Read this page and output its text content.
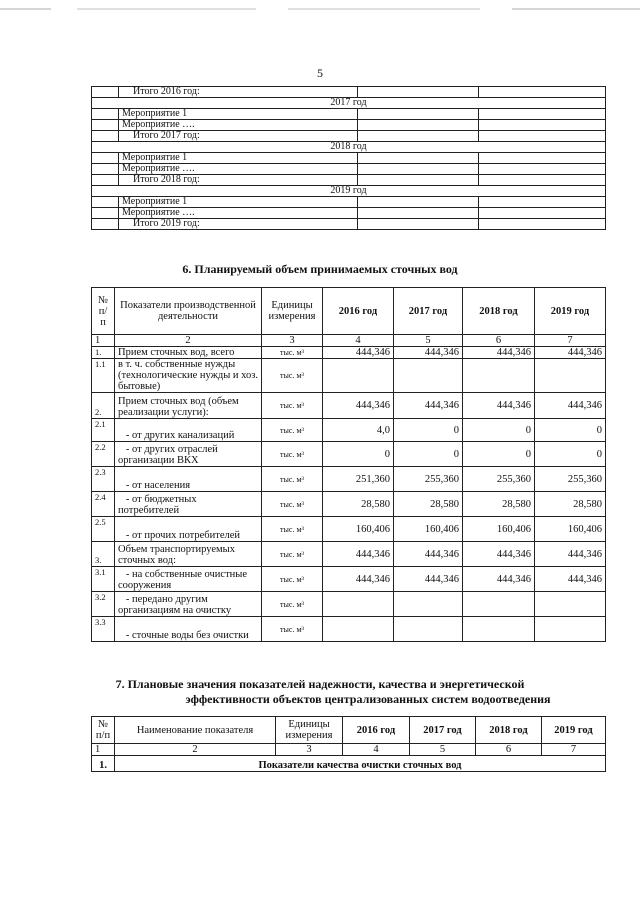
5
	Итого 2016 год:		
2017 год			
	Мероприятие 1		
	Мероприятие ….		
	Итого 2017 год:		
2018 год			
	Мероприятие 1		
	Мероприятие ….		
	Итого 2018 год:		
2019 год			
	Мероприятие 1		
	Мероприятие ….		
	Итого 2019 год:		
6. Планируемый объем принимаемых сточных вод
№ п/ п	Показатели производственной деятельности	Единицы измерения	2016 год	2017 год	2018 год	2019 год
1	2	3	4	5	6	7
1.	Прием сточных вод, всего	тыс. м³	444,346	444,346	444,346	444,346
1.1	в т. ч. собственные нужды (технологические нужды и хоз. бытовые)	тыс. м³				
2.	Прием сточных вод (объем реализации услуги):	тыс. м³	444,346	444,346	444,346	444,346
2.1	- от других канализаций	тыс. м³	4,0	0	0	0
2.2	- от других отраслей организации ВКХ	тыс. м³	0	0	0	0
2.3	- от населения	тыс. м³	251,360	255,360	255,360	255,360
2.4	- от бюджетных потребителей	тыс. м³	28,580	28,580	28,580	28,580
2.5	- от прочих потребителей	тыс. м³	160,406	160,406	160,406	160,406
3.	Объем транспортируемых сточных вод:	тыс. м³	444,346	444,346	444,346	444,346
3.1	- на собственные очистные сооружения	тыс. м³	444,346	444,346	444,346	444,346
3.2	- передано другим организациям на очистку	тыс. м³				
3.3	- сточные воды без очистки	тыс. м³				
7. Плановые значения показателей надежности, качества и энергетической
эффективности объектов централизованных систем водоотведения
№ п/п	Наименование показателя	Единицы измерения	2016 год	2017 год	2018 год	2019 год
1	2	3	4	5	6	7
1.	Показатели качества очистки сточных вод					
